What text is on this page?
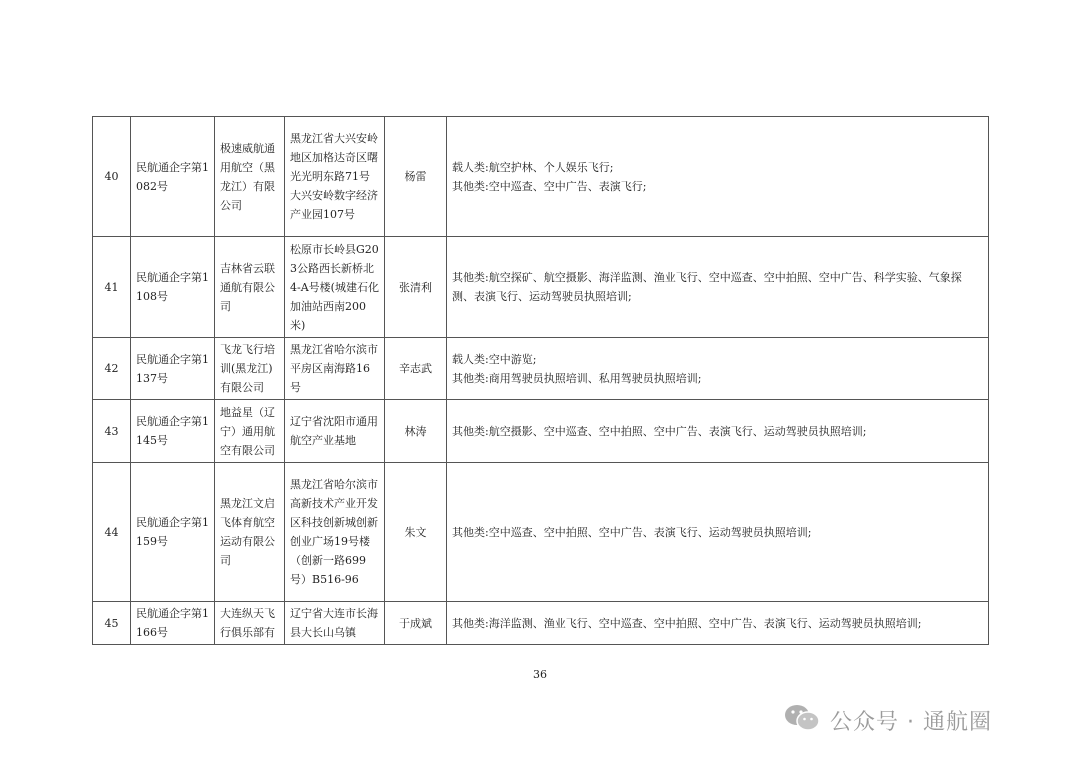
40	民航通企字第1082号	极速威航通用航空（黑龙江）有限公司	黑龙江省大兴安岭地区加格达奇区曙光光明东路71号大兴安岭数字经济产业园107号	杨雷	载人类:航空护林、个人娱乐飞行;
其他类:空中巡查、空中广告、表演飞行;

41	民航通企字第1108号	吉林省云联通航有限公司	松原市长岭县G203公路西长新桥北4-A号楼(城建石化加油站西南200米)	张清利	其他类:航空探矿、航空摄影、海洋监测、渔业飞行、空中巡查、空中拍照、空中广告、科学实验、气象探测、表演飞行、运动驾驶员执照培训;

42	民航通企字第1137号	飞龙飞行培训(黑龙江)有限公司	黑龙江省哈尔滨市平房区南海路16号	辛志武	载人类:空中游览;
其他类:商用驾驶员执照培训、私用驾驶员执照培训;

43	民航通企字第1145号	地益星（辽宁）通用航空有限公司	辽宁省沈阳市通用航空产业基地	林涛	其他类:航空摄影、空中巡查、空中拍照、空中广告、表演飞行、运动驾驶员执照培训;

44	民航通企字第1159号	黑龙江文启飞体育航空运动有限公司	黑龙江省哈尔滨市高新技术产业开发区科技创新城创新创业广场19号楼（创新一路699号）B516-96	朱文	其他类:空中巡查、空中拍照、空中广告、表演飞行、运动驾驶员执照培训;

45	民航通企字第1166号	大连纵天飞行俱乐部有	辽宁省大连市长海县大长山乌镇	于成斌	其他类:海洋监测、渔业飞行、空中巡查、空中拍照、空中广告、表演飞行、运动驾驶员执照培训;
36
公众号 · 通航圈
